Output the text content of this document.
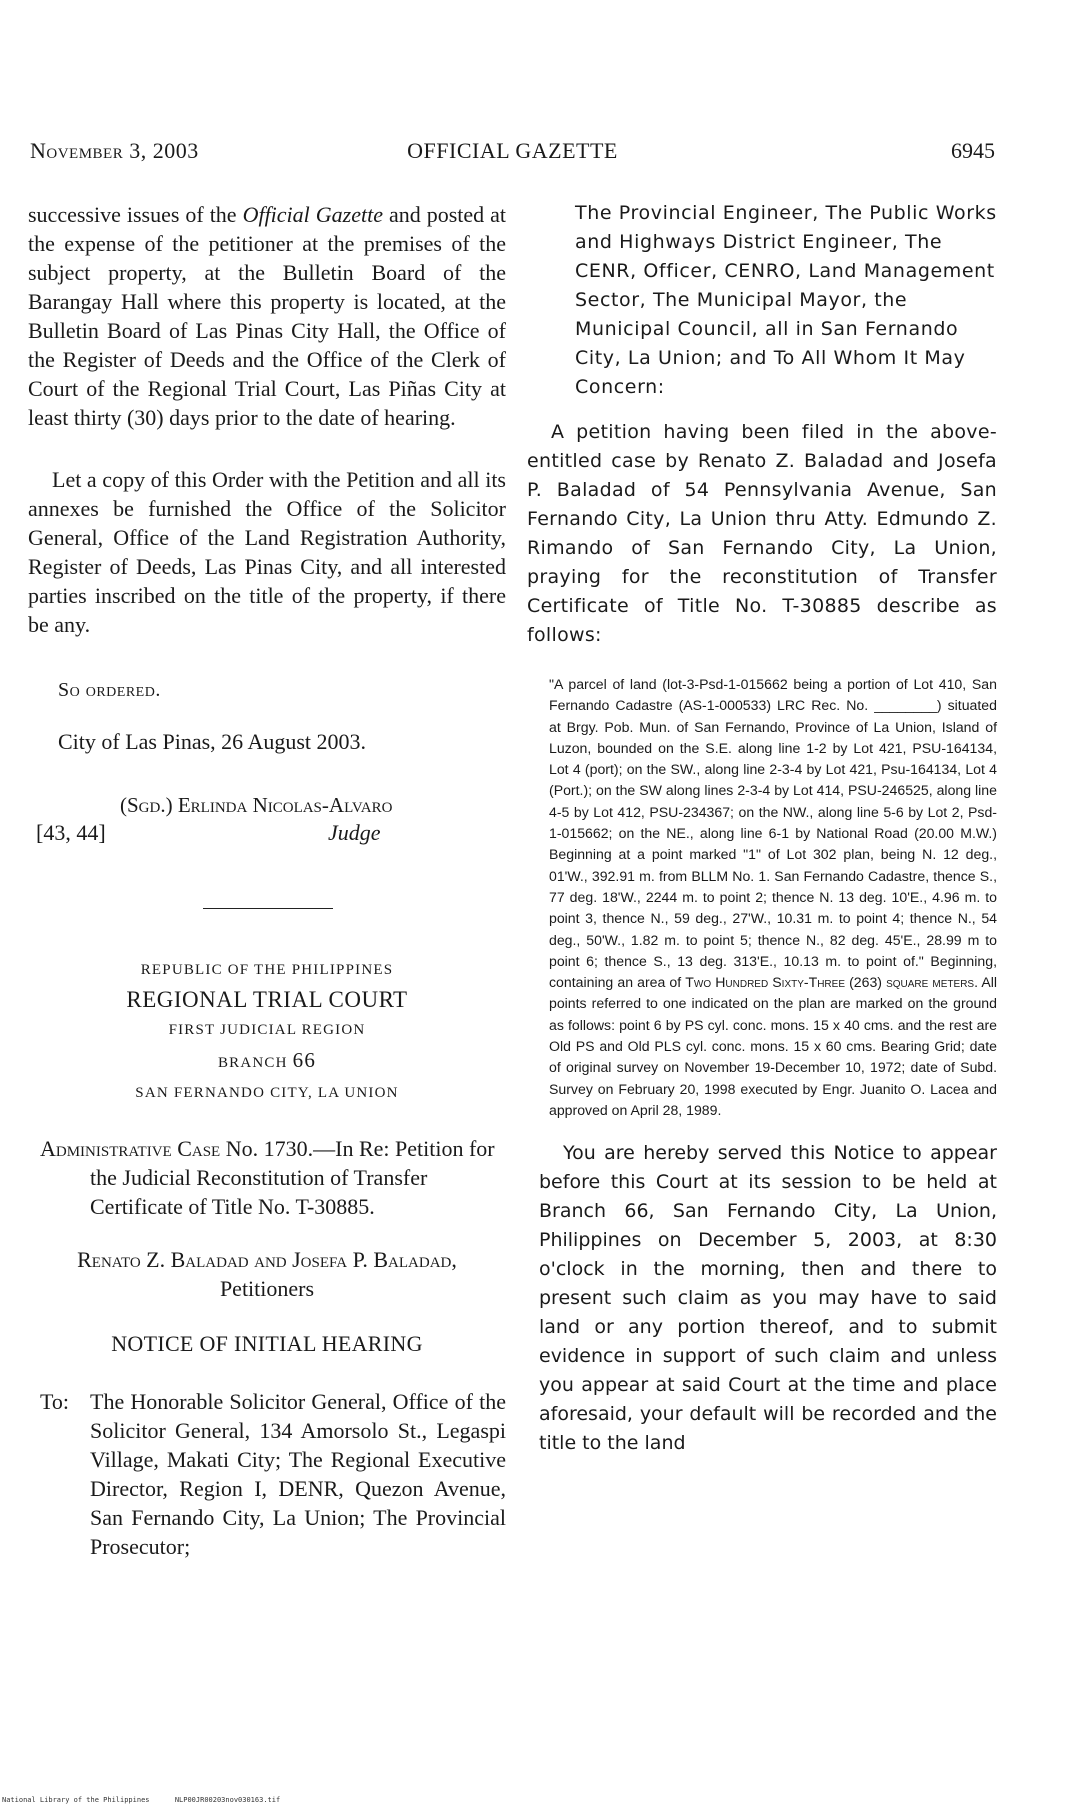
OFFICIAL GAZETTE
November 3, 2003	6945

successive issues of the Official Gazette and posted at the expense of the petitioner at the premises of the subject property, at the Bulletin Board of the Barangay Hall where this property is located, at the Bulletin Board of Las Pinas City Hall, the Office of the Register of Deeds and the Office of the Clerk of Court of the Regional Trial Court, Las Piñas City at least thirty (30) days prior to the date of hearing.

Let a copy of this Order with the Petition and all its annexes be furnished the Office of the Solicitor General, Office of the Land Registration Authority, Register of Deeds, Las Pinas City, and all interested parties inscribed on the title of the property, if there be any.

So ordered.
City of Las Pinas, 26 August 2003.
(Sgd.) Erlinda Nicolas-Alvaro
[43, 44]	Judge
REPUBLIC OF THE PHILIPPINES
REGIONAL TRIAL COURT
FIRST JUDICIAL REGION
BRANCH 66
SAN FERNANDO CITY, LA UNION
Administrative Case No. 1730.—In Re: Petition for the Judicial Reconstitution of Transfer Certificate of Title No. T-30885.
Renato Z. Baladad and Josefa P. Baladad,
Petitioners
NOTICE OF INITIAL HEARING
To: The Honorable Solicitor General, Office of the Solicitor General, 134 Amorsolo St., Legaspi Village, Makati City; The Regional Executive Director, Region I, DENR, Quezon Avenue, San Fernando City, La Union; The Provincial Prosecutor;

The Provincial Engineer, The Public Works and Highways District Engineer, The CENR, Officer, CENRO, Land Management Sector, The Municipal Mayor, the Municipal Council, all in San Fernando City, La Union; and To All Whom It May Concern:

A petition having been filed in the above-entitled case by Renato Z. Baladad and Josefa P. Baladad of 54 Pennsylvania Avenue, San Fernando City, La Union thru Atty. Edmundo Z. Rimando of San Fernando City, La Union, praying for the reconstitution of Transfer Certificate of Title No. T-30885 describe as follows:

"A parcel of land (lot-3-Psd-1-015662 being a portion of Lot 410, San Fernando Cadastre (AS-1-000533) LRC Rec. No. ________) situated at Brgy. Pob. Mun. of San Fernando, Province of La Union, Island of Luzon, bounded on the S.E. along line 1-2 by Lot 421, PSU-164134, Lot 4 (port); on the SW., along line 2-3-4 by Lot 421, Psu-164134, Lot 4 (Port.); on the SW along lines 2-3-4 by Lot 414, PSU-246525, along line 4-5 by Lot 412, PSU-234367; on the NW., along line 5-6 by Lot 2, Psd-1-015662; on the NE., along line 6-1 by National Road (20.00 M.W.) Beginning at a point marked "1" of Lot 302 plan, being N. 12 deg., 01'W., 392.91 m. from BLLM No. 1. San Fernando Cadastre, thence S., 77 deg. 18'W., 2244 m. to point 2; thence N. 13 deg. 10'E., 4.96 m. to point 3, thence N., 59 deg., 27'W., 10.31 m. to point 4; thence N., 54 deg., 50'W., 1.82 m. to point 5; thence N., 82 deg. 45'E., 28.99 m to point 6; thence S., 13 deg. 313'E., 10.13 m. to point of." Beginning, containing an area of Two Hundred Sixty-Three (263) square meters. All points referred to one indicated on the plan are marked on the ground as follows: point 6 by PS cyl. conc. mons. 15 x 40 cms. and the rest are Old PS and Old PLS cyl. conc. mons. 15 x 60 cms. Bearing Grid; date of original survey on November 19-December 10, 1972; date of Subd. Survey on February 20, 1998 executed by Engr. Juanito O. Lacea and approved on April 28, 1989.

You are hereby served this Notice to appear before this Court at its session to be held at Branch 66, San Fernando City, La Union, Philippines on December 5, 2003, at 8:30 o'clock in the morning, then and there to present such claim as you may have to said land or any portion thereof, and to submit evidence in support of such claim and unless you appear at said Court at the time and place aforesaid, your default will be recorded and the title to the land

National Library of the Philippines	NLP00JR00203nov030163.tif
